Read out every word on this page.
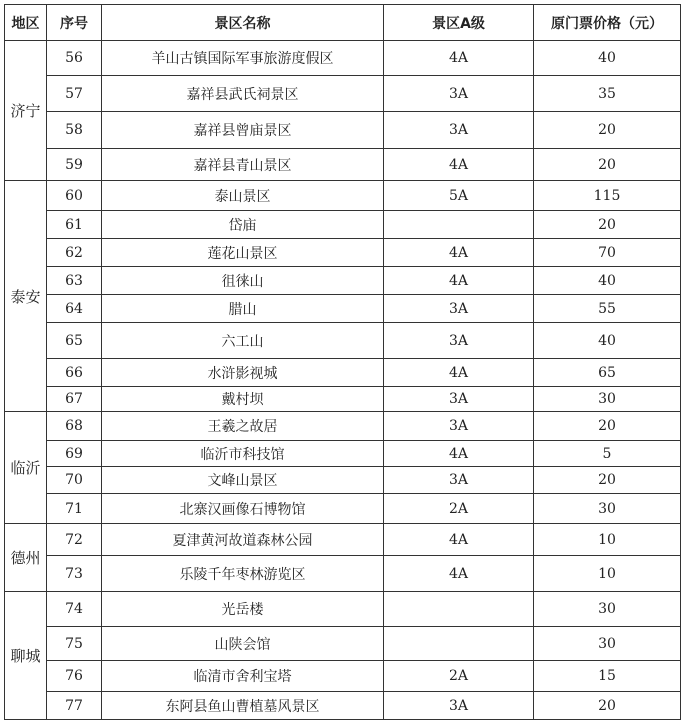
地区	序号	景区名称	景区A级	原门票价格（元）
济宁	56	羊山古镇国际军事旅游度假区	4A	40
	57	嘉祥县武氏祠景区	3A	35
	58	嘉祥县曾庙景区	3A	20
	59	嘉祥县青山景区	4A	20
泰安	60	泰山景区	5A	115
	61	岱庙		20
	62	莲花山景区	4A	70
	63	徂徕山	4A	40
	64	腊山	3A	55
	65	六工山	3A	40
	66	水浒影视城	4A	65
	67	戴村坝	3A	30
临沂	68	王羲之故居	3A	20
	69	临沂市科技馆	4A	5
	70	文峰山景区	3A	20
	71	北寨汉画像石博物馆	2A	30
德州	72	夏津黄河故道森林公园	4A	10
	73	乐陵千年枣林游览区	4A	10
聊城	74	光岳楼		30
	75	山陕会馆		30
	76	临清市舍利宝塔	2A	15
	77	东阿县鱼山曹植墓风景区	3A	20
